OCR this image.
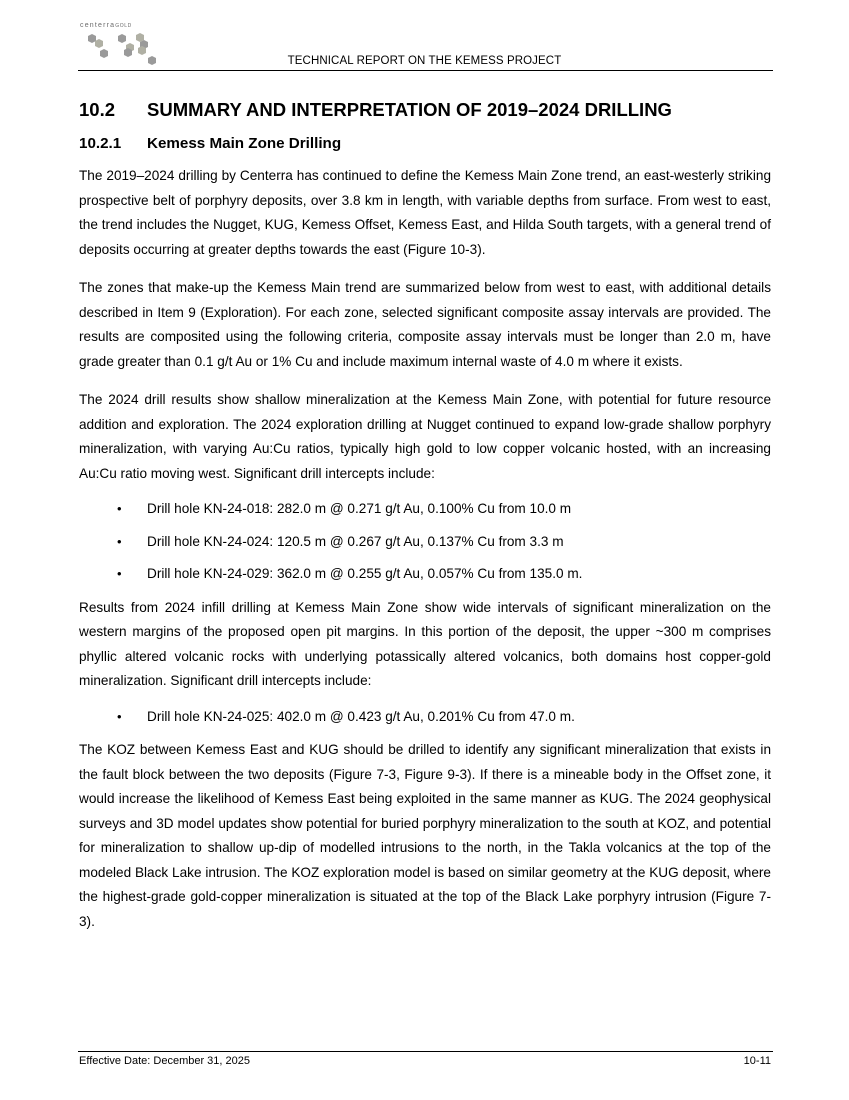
centerraGOLD
TECHNICAL REPORT ON THE KEMESS PROJECT
10.2	SUMMARY AND INTERPRETATION OF 2019–2024 DRILLING
10.2.1	Kemess Main Zone Drilling

The 2019–2024 drilling by Centerra has continued to define the Kemess Main Zone trend, an east-westerly striking prospective belt of porphyry deposits, over 3.8 km in length, with variable depths from surface. From west to east, the trend includes the Nugget, KUG, Kemess Offset, Kemess East, and Hilda South targets, with a general trend of deposits occurring at greater depths towards the east (Figure 10-3).

The zones that make-up the Kemess Main trend are summarized below from west to east, with additional details described in Item 9 (Exploration). For each zone, selected significant composite assay intervals are provided. The results are composited using the following criteria, composite assay intervals must be longer than 2.0 m, have grade greater than 0.1 g/t Au or 1% Cu and include maximum internal waste of 4.0 m where it exists.

The 2024 drill results show shallow mineralization at the Kemess Main Zone, with potential for future resource addition and exploration. The 2024 exploration drilling at Nugget continued to expand low-grade shallow porphyry mineralization, with varying Au:Cu ratios, typically high gold to low copper volcanic hosted, with an increasing Au:Cu ratio moving west. Significant drill intercepts include:

• Drill hole KN-24-018: 282.0 m @ 0.271 g/t Au, 0.100% Cu from 10.0 m
• Drill hole KN-24-024: 120.5 m @ 0.267 g/t Au, 0.137% Cu from 3.3 m
• Drill hole KN-24-029: 362.0 m @ 0.255 g/t Au, 0.057% Cu from 135.0 m.

Results from 2024 infill drilling at Kemess Main Zone show wide intervals of significant mineralization on the western margins of the proposed open pit margins. In this portion of the deposit, the upper ~300 m comprises phyllic altered volcanic rocks with underlying potassically altered volcanics, both domains host copper-gold mineralization. Significant drill intercepts include:

• Drill hole KN-24-025: 402.0 m @ 0.423 g/t Au, 0.201% Cu from 47.0 m.

The KOZ between Kemess East and KUG should be drilled to identify any significant mineralization that exists in the fault block between the two deposits (Figure 7-3, Figure 9-3). If there is a mineable body in the Offset zone, it would increase the likelihood of Kemess East being exploited in the same manner as KUG. The 2024 geophysical surveys and 3D model updates show potential for buried porphyry mineralization to the south at KOZ, and potential for mineralization to shallow up-dip of modelled intrusions to the north, in the Takla volcanics at the top of the modeled Black Lake intrusion. The KOZ exploration model is based on similar geometry at the KUG deposit, where the highest-grade gold-copper mineralization is situated at the top of the Black Lake porphyry intrusion (Figure 7-3).

Effective Date: December 31, 2025	10-11
